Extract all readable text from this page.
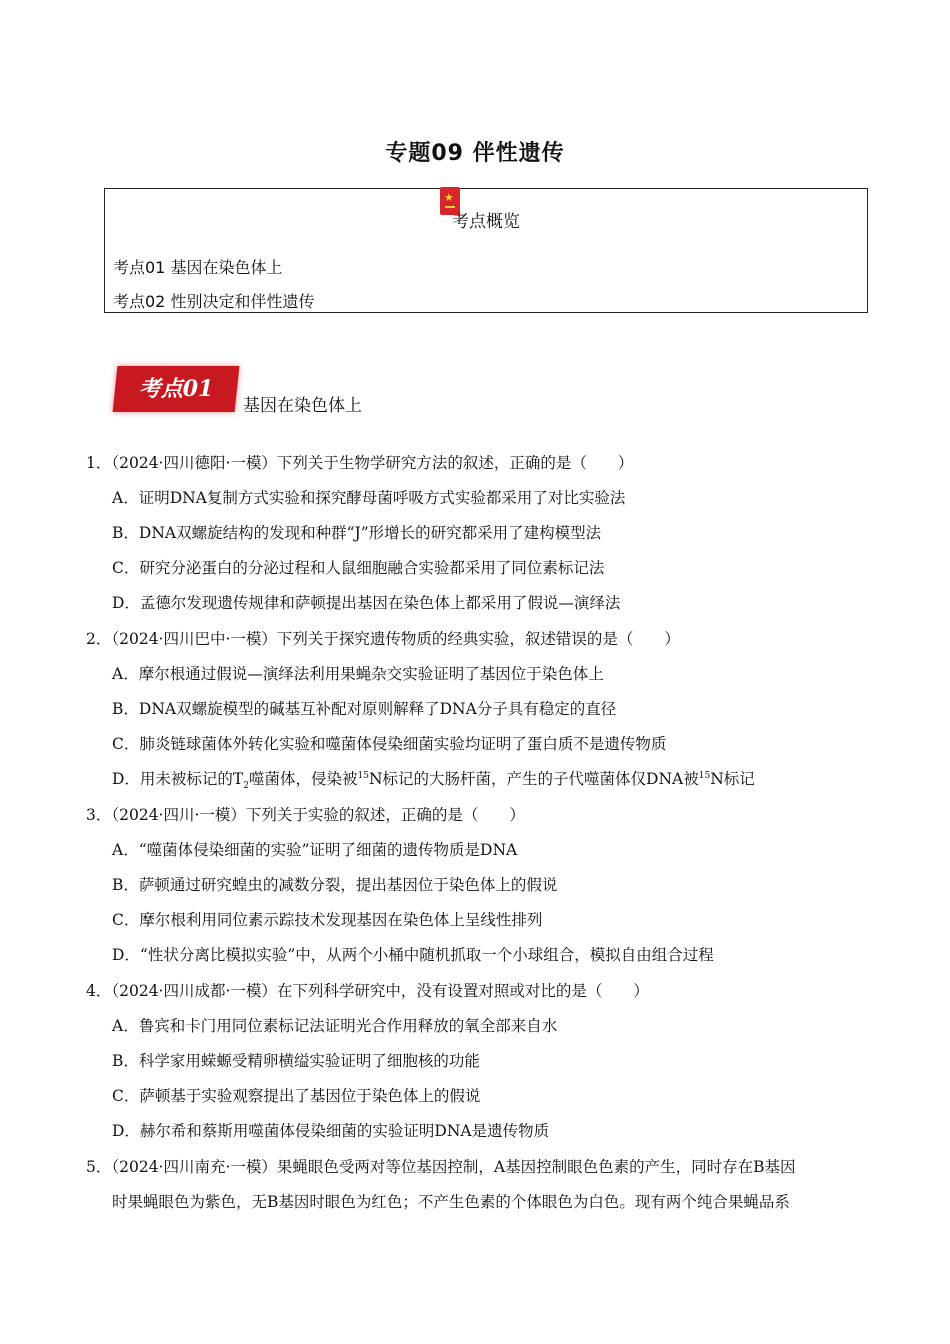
专题09 伴性遗传
★
考点概览
考点01 基因在染色体上
考点02 性别决定和伴性遗传
考点01
基因在染色体上
1．（2024·四川德阳·一模）下列关于生物学研究方法的叙述，正确的是（　　）
A．证明DNA复制方式实验和探究酵母菌呼吸方式实验都采用了对比实验法
B．DNA双螺旋结构的发现和种群“J”形增长的研究都采用了建构模型法
C．研究分泌蛋白的分泌过程和人鼠细胞融合实验都采用了同位素标记法
D．孟德尔发现遗传规律和萨顿提出基因在染色体上都采用了假说—演绎法
2．（2024·四川巴中·一模）下列关于探究遗传物质的经典实验，叙述错误的是（　　）
A．摩尔根通过假说—演绎法利用果蝇杂交实验证明了基因位于染色体上
B．DNA双螺旋模型的碱基互补配对原则解释了DNA分子具有稳定的直径
C．肺炎链球菌体外转化实验和噬菌体侵染细菌实验均证明了蛋白质不是遗传物质
D．用未被标记的$T_2$噬菌体，侵染被$^{15}$N标记的大肠杆菌，产生的子代噬菌体仅DNA被$^{15}$N标记
3．（2024·四川·一模）下列关于实验的叙述，正确的是（　　）
A．“噬菌体侵染细菌的实验”证明了细菌的遗传物质是DNA
B．萨顿通过研究蝗虫的减数分裂，提出基因位于染色体上的假说
C．摩尔根利用同位素示踪技术发现基因在染色体上呈线性排列
D．“性状分离比模拟实验”中，从两个小桶中随机抓取一个小球组合，模拟自由组合过程
4．（2024·四川成都·一模）在下列科学研究中，没有设置对照或对比的是（　　）
A．鲁宾和卡门用同位素标记法证明光合作用释放的氧全部来自水
B．科学家用蝾螈受精卵横缢实验证明了细胞核的功能
C．萨顿基于实验观察提出了基因位于染色体上的假说
D．赫尔希和蔡斯用噬菌体侵染细菌的实验证明DNA是遗传物质
5．（2024·四川南充·一模）果蝇眼色受两对等位基因控制，A基因控制眼色色素的产生，同时存在B基因
时果蝇眼色为紫色，无B基因时眼色为红色；不产生色素的个体眼色为白色。现有两个纯合果蝇品系
